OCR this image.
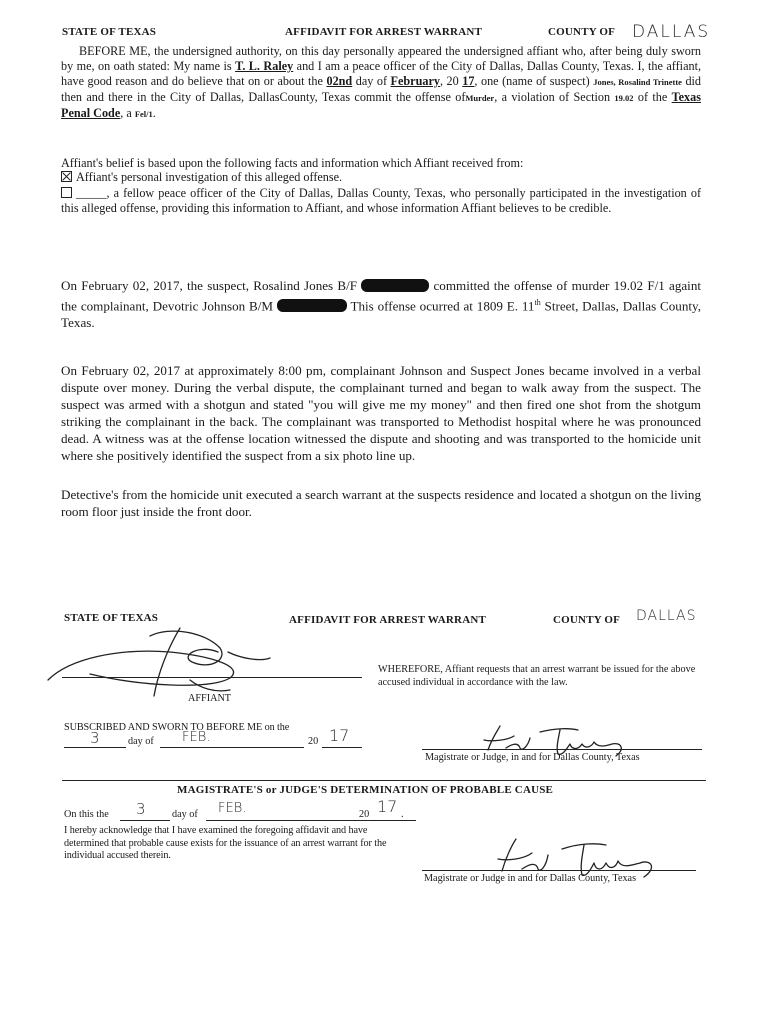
STATE OF TEXAS	AFFIDAVIT FOR ARREST WARRANT	COUNTY OF DALLAS
BEFORE ME, the undersigned authority, on this day personally appeared the undersigned affiant who, after being duly sworn by me, on oath stated: My name is T. L. Raley and I am a peace officer of the City of Dallas, Dallas County, Texas. I, the affiant, have good reason and do believe that on or about the 02nd day of February, 20 17, one (name of suspect) Jones, Rosalind Trinette did then and there in the City of Dallas, DallasCounty, Texas commit the offense ofMurder, a violation of Section 19.02 of the Texas Penal Code, a Fel/1.
Affiant's belief is based upon the following facts and information which Affiant received from:
Affiant's personal investigation of this alleged offense.
_____, a fellow peace officer of the City of Dallas, Dallas County, Texas, who personally participated in the investigation of this alleged offense, providing this information to Affiant, and whose information Affiant believes to be credible.
On February 02, 2017, the suspect, Rosalind Jones B/F	committed the offense of murder 19.02 F/1 againt the complainant, Devotric Johnson B/M	This offense ocurred at 1809 E. 11th Street, Dallas, Dallas County, Texas.
On February 02, 2017 at approximately 8:00 pm, complainant Johnson and Suspect Jones became involved in a verbal dispute over money. During the verbal dispute, the complainant turned and began to walk away from the suspect. The suspect was armed with a shotgun and stated "you will give me my money" and then fired one shot from the shotgum striking the complainant in the back. The complainant was transported to Methodist hospital where he was pronounced dead. A witness was at the offense location witnessed the dispute and shooting and was transported to the homicide unit where she positively identified the suspect from a six photo line up.
Detective's from the homicide unit executed a search warrant at the suspects residence and located a shotgun on the living room floor just inside the front door.
STATE OF TEXAS	AFFIDAVIT FOR ARREST WARRANT	COUNTY OF DALLAS
AFFIANT
WHEREFORE, Affiant requests that an arrest warrant be issued for the above accused individual in accordance with the law.
SUBSCRIBED AND SWORN TO BEFORE ME on the
3	day of FEB.	20 17
Magistrate or Judge, in and for Dallas County, Texas
MAGISTRATE'S or JUDGE'S DETERMINATION OF PROBABLE CAUSE
On this the 3	day of FEB.	20 17 .
I hereby acknowledge that I have examined the foregoing affidavit and have determined that probable cause exists for the issuance of an arrest warrant for the individual accused therein.
Magistrate or Judge in and for Dallas County, Texas
